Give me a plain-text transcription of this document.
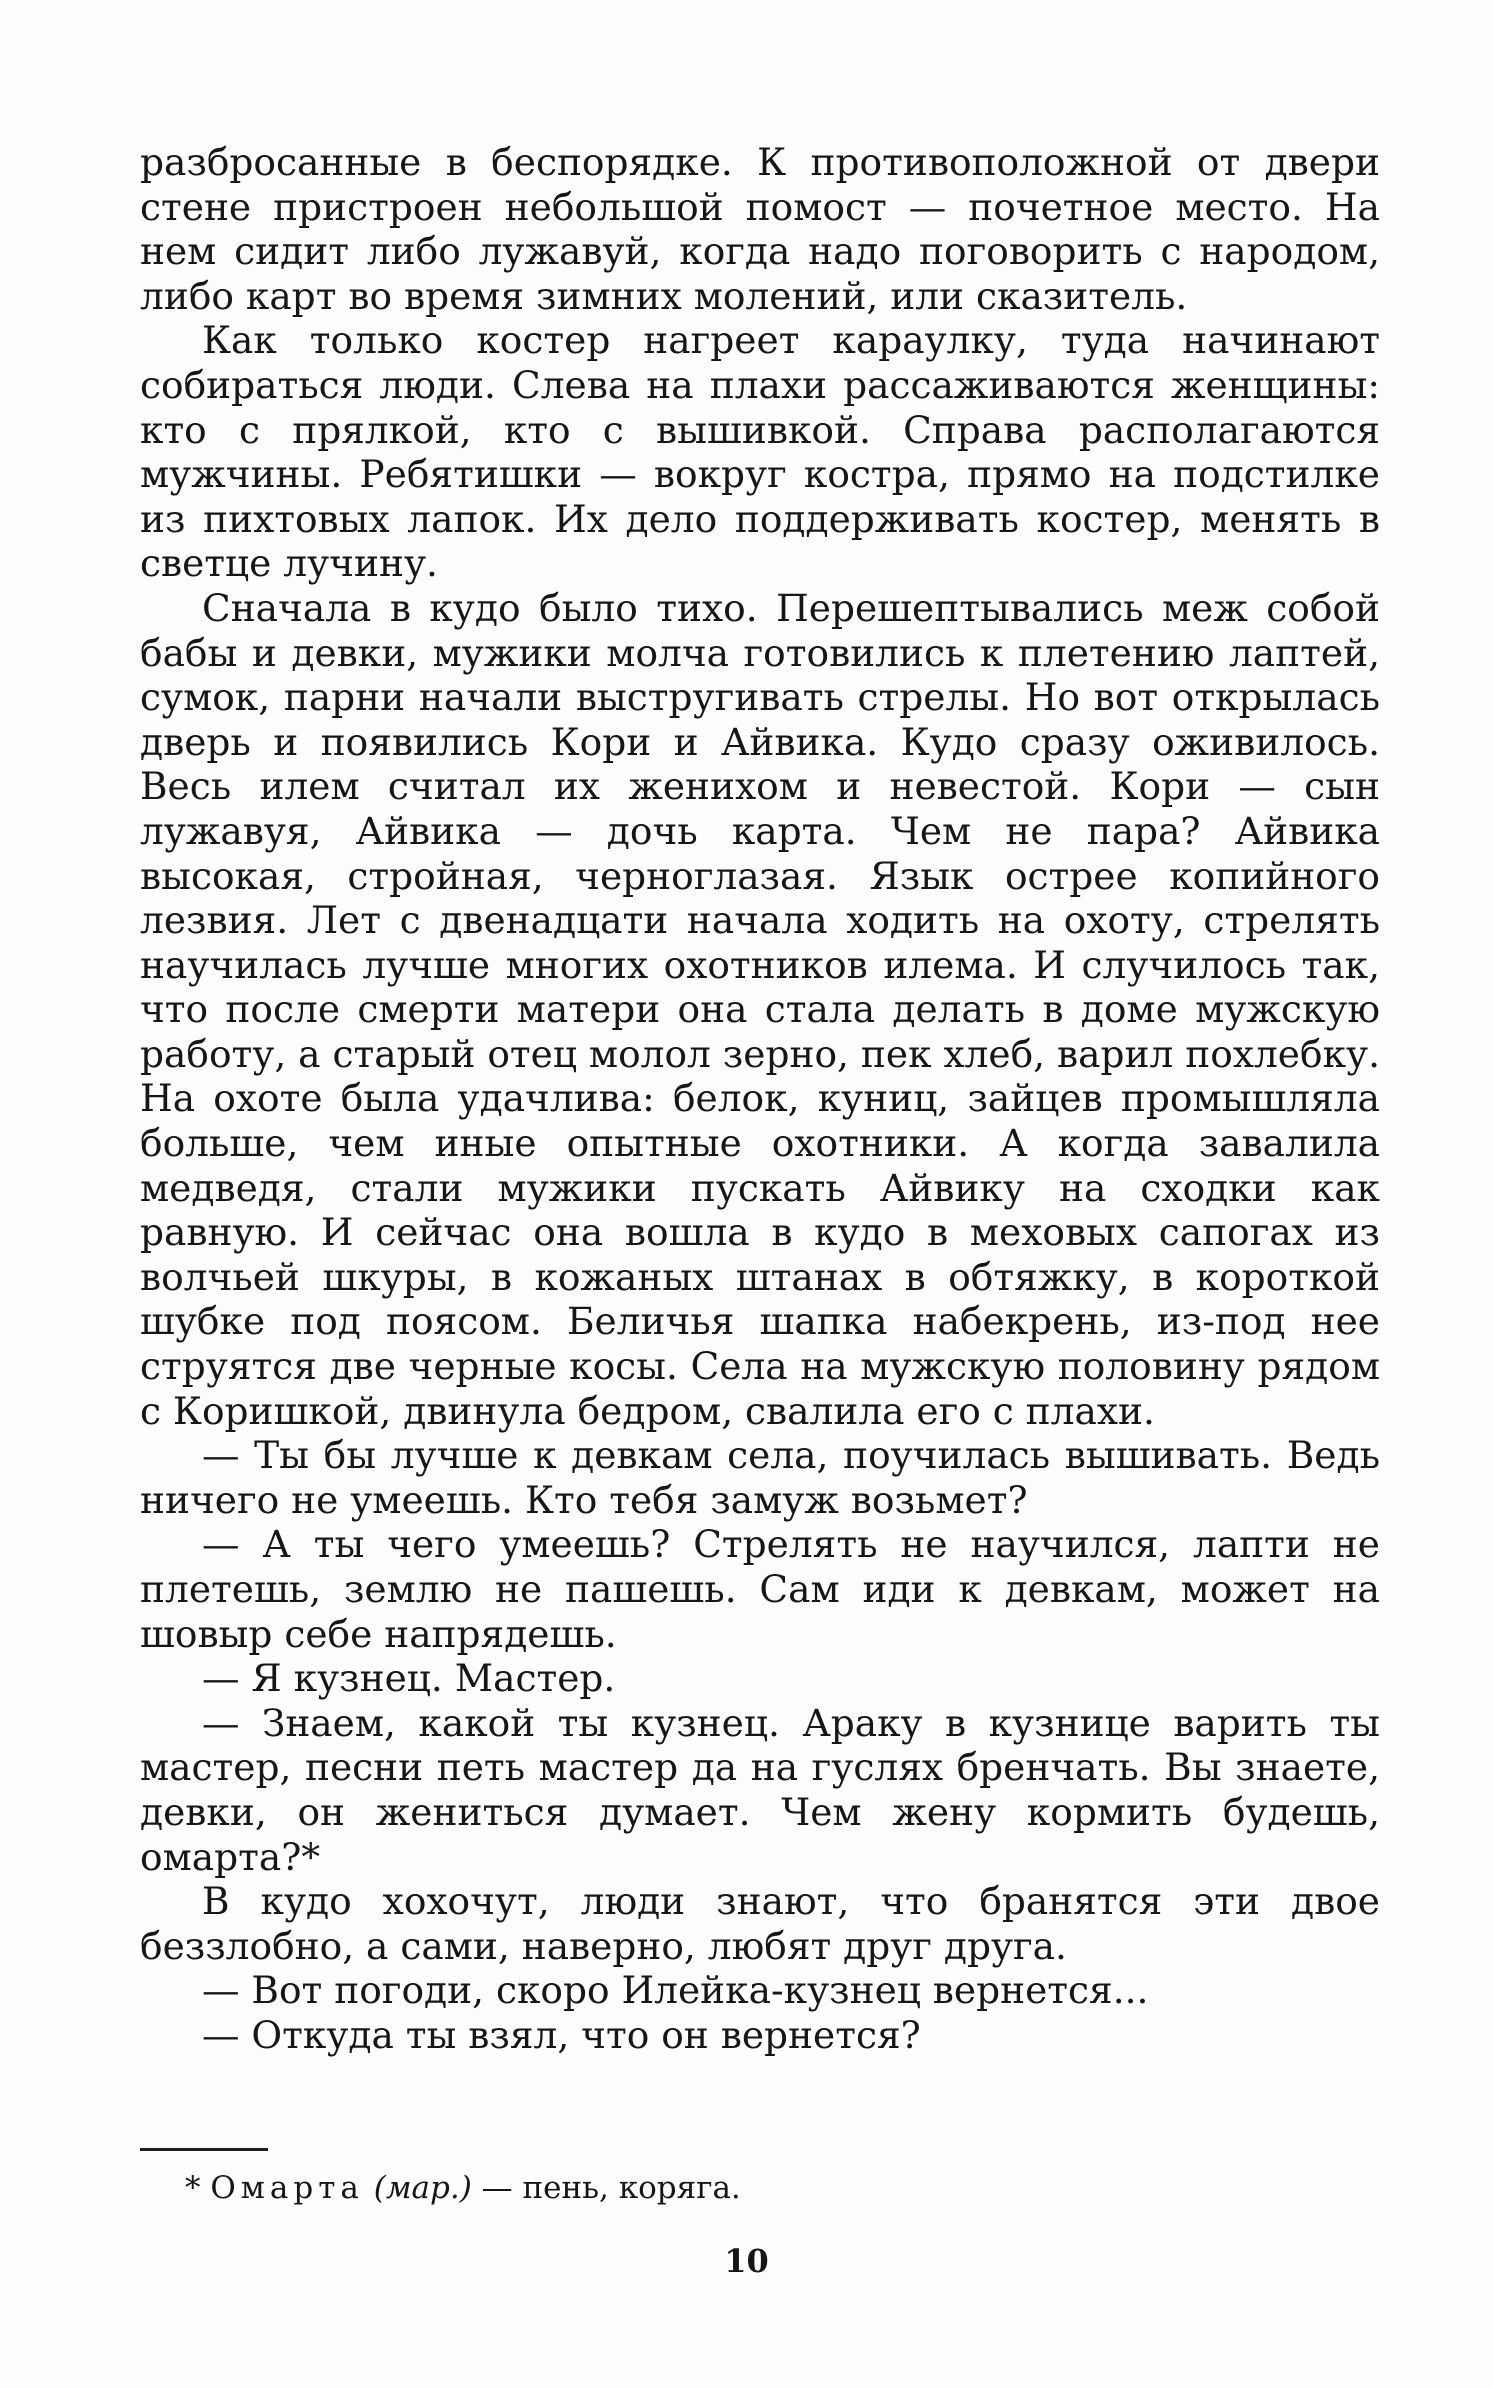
разбросанные в беспорядке. К противоположной от двери стене пристроен небольшой помост — почетное место. На нем сидит либо лужавуй, когда надо поговорить с народом, либо карт во время зимних молений, или сказитель.

Как только костер нагреет караулку, туда начинают собираться люди. Слева на плахи рассаживаются женщины: кто с прялкой, кто с вышивкой. Справа располагаются мужчины. Ребятишки — вокруг костра, прямо на подстилке из пихтовых лапок. Их дело поддерживать костер, менять в светце лучину.

Сначала в кудо было тихо. Перешептывались меж собой бабы и девки, мужики молча готовились к плетению лаптей, сумок, парни начали выстругивать стрелы. Но вот открылась дверь и появились Кори и Айвика. Кудо сразу оживилось. Весь илем считал их женихом и невестой. Кори — сын лужавуя, Айвика — дочь карта. Чем не пара? Айвика высокая, стройная, черноглазая. Язык острее копийного лезвия. Лет с двенадцати начала ходить на охоту, стрелять научилась лучше многих охотников илема. И случилось так, что после смерти матери она стала делать в доме мужскую работу, а старый отец молол зерно, пек хлеб, варил похлебку. На охоте была удачлива: белок, куниц, зайцев промышляла больше, чем иные опытные охотники. А когда завалила медведя, стали мужики пускать Айвику на сходки как равную. И сейчас она вошла в кудо в меховых сапогах из волчьей шкуры, в кожаных штанах в обтяжку, в короткой шубке под поясом. Беличья шапка набекрень, из-под нее струятся две черные косы. Села на мужскую половину рядом с Коришкой, двинула бедром, свалила его с плахи.

— Ты бы лучше к девкам села, поучилась вышивать. Ведь ничего не умеешь. Кто тебя замуж возьмет?

— А ты чего умеешь? Стрелять не научился, лапти не плетешь, землю не пашешь. Сам иди к девкам, может на шовыр себе напрядешь.

— Я кузнец. Мастер.

— Знаем, какой ты кузнец. Араку в кузнице варить ты мастер, песни петь мастер да на гуслях бренчать. Вы знаете, девки, он жениться думает. Чем жену кормить будешь, омарта?*

В кудо хохочут, люди знают, что бранятся эти двое беззлобно, а сами, наверно, любят друг друга.

— Вот погоди, скоро Илейка-кузнец вернется...

— Откуда ты взял, что он вернется?

* Омарта (мар.) — пень, коряга.
10
